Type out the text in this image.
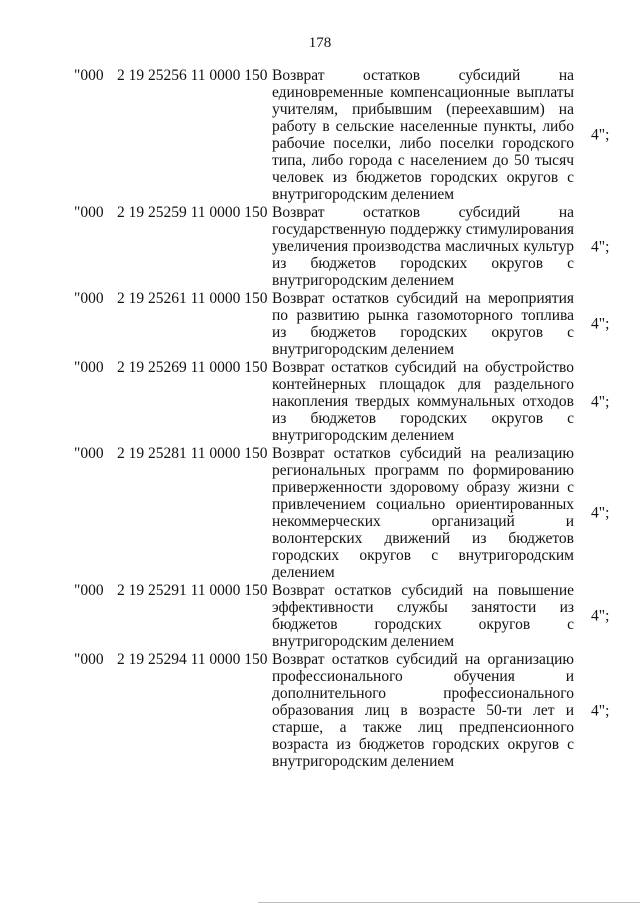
178
"000 2 19 25256 11 0000 150 Возврат остатков субсидий на единовременные компенсационные выплаты учителям, прибывшим (переехавшим) на работу в сельские населенные пункты, либо рабочие поселки, либо поселки городского типа, либо города с населением до 50 тысяч человек из бюджетов городских округов с внутригородским делением
4";
"000 2 19 25259 11 0000 150 Возврат остатков субсидий на государственную поддержку стимулирования увеличения производства масличных культур из бюджетов городских округов с внутригородским делением
4";
"000 2 19 25261 11 0000 150 Возврат остатков субсидий на мероприятия по развитию рынка газомоторного топлива из бюджетов городских округов с внутригородским делением
4";
"000 2 19 25269 11 0000 150 Возврат остатков субсидий на обустройство контейнерных площадок для раздельного накопления твердых коммунальных отходов из бюджетов городских округов с внутригородским делением
4";
"000 2 19 25281 11 0000 150 Возврат остатков субсидий на реализацию региональных программ по формированию приверженности здоровому образу жизни с привлечением социально ориентированных некоммерческих организаций и волонтерских движений из бюджетов городских округов с внутригородским делением
4";
"000 2 19 25291 11 0000 150 Возврат остатков субсидий на повышение эффективности службы занятости из бюджетов городских округов с внутригородским делением
4";
"000 2 19 25294 11 0000 150 Возврат остатков субсидий на организацию профессионального обучения и дополнительного профессионального образования лиц в возрасте 50-ти лет и старше, а также лиц предпенсионного возраста из бюджетов городских округов с внутригородским делением
4";
